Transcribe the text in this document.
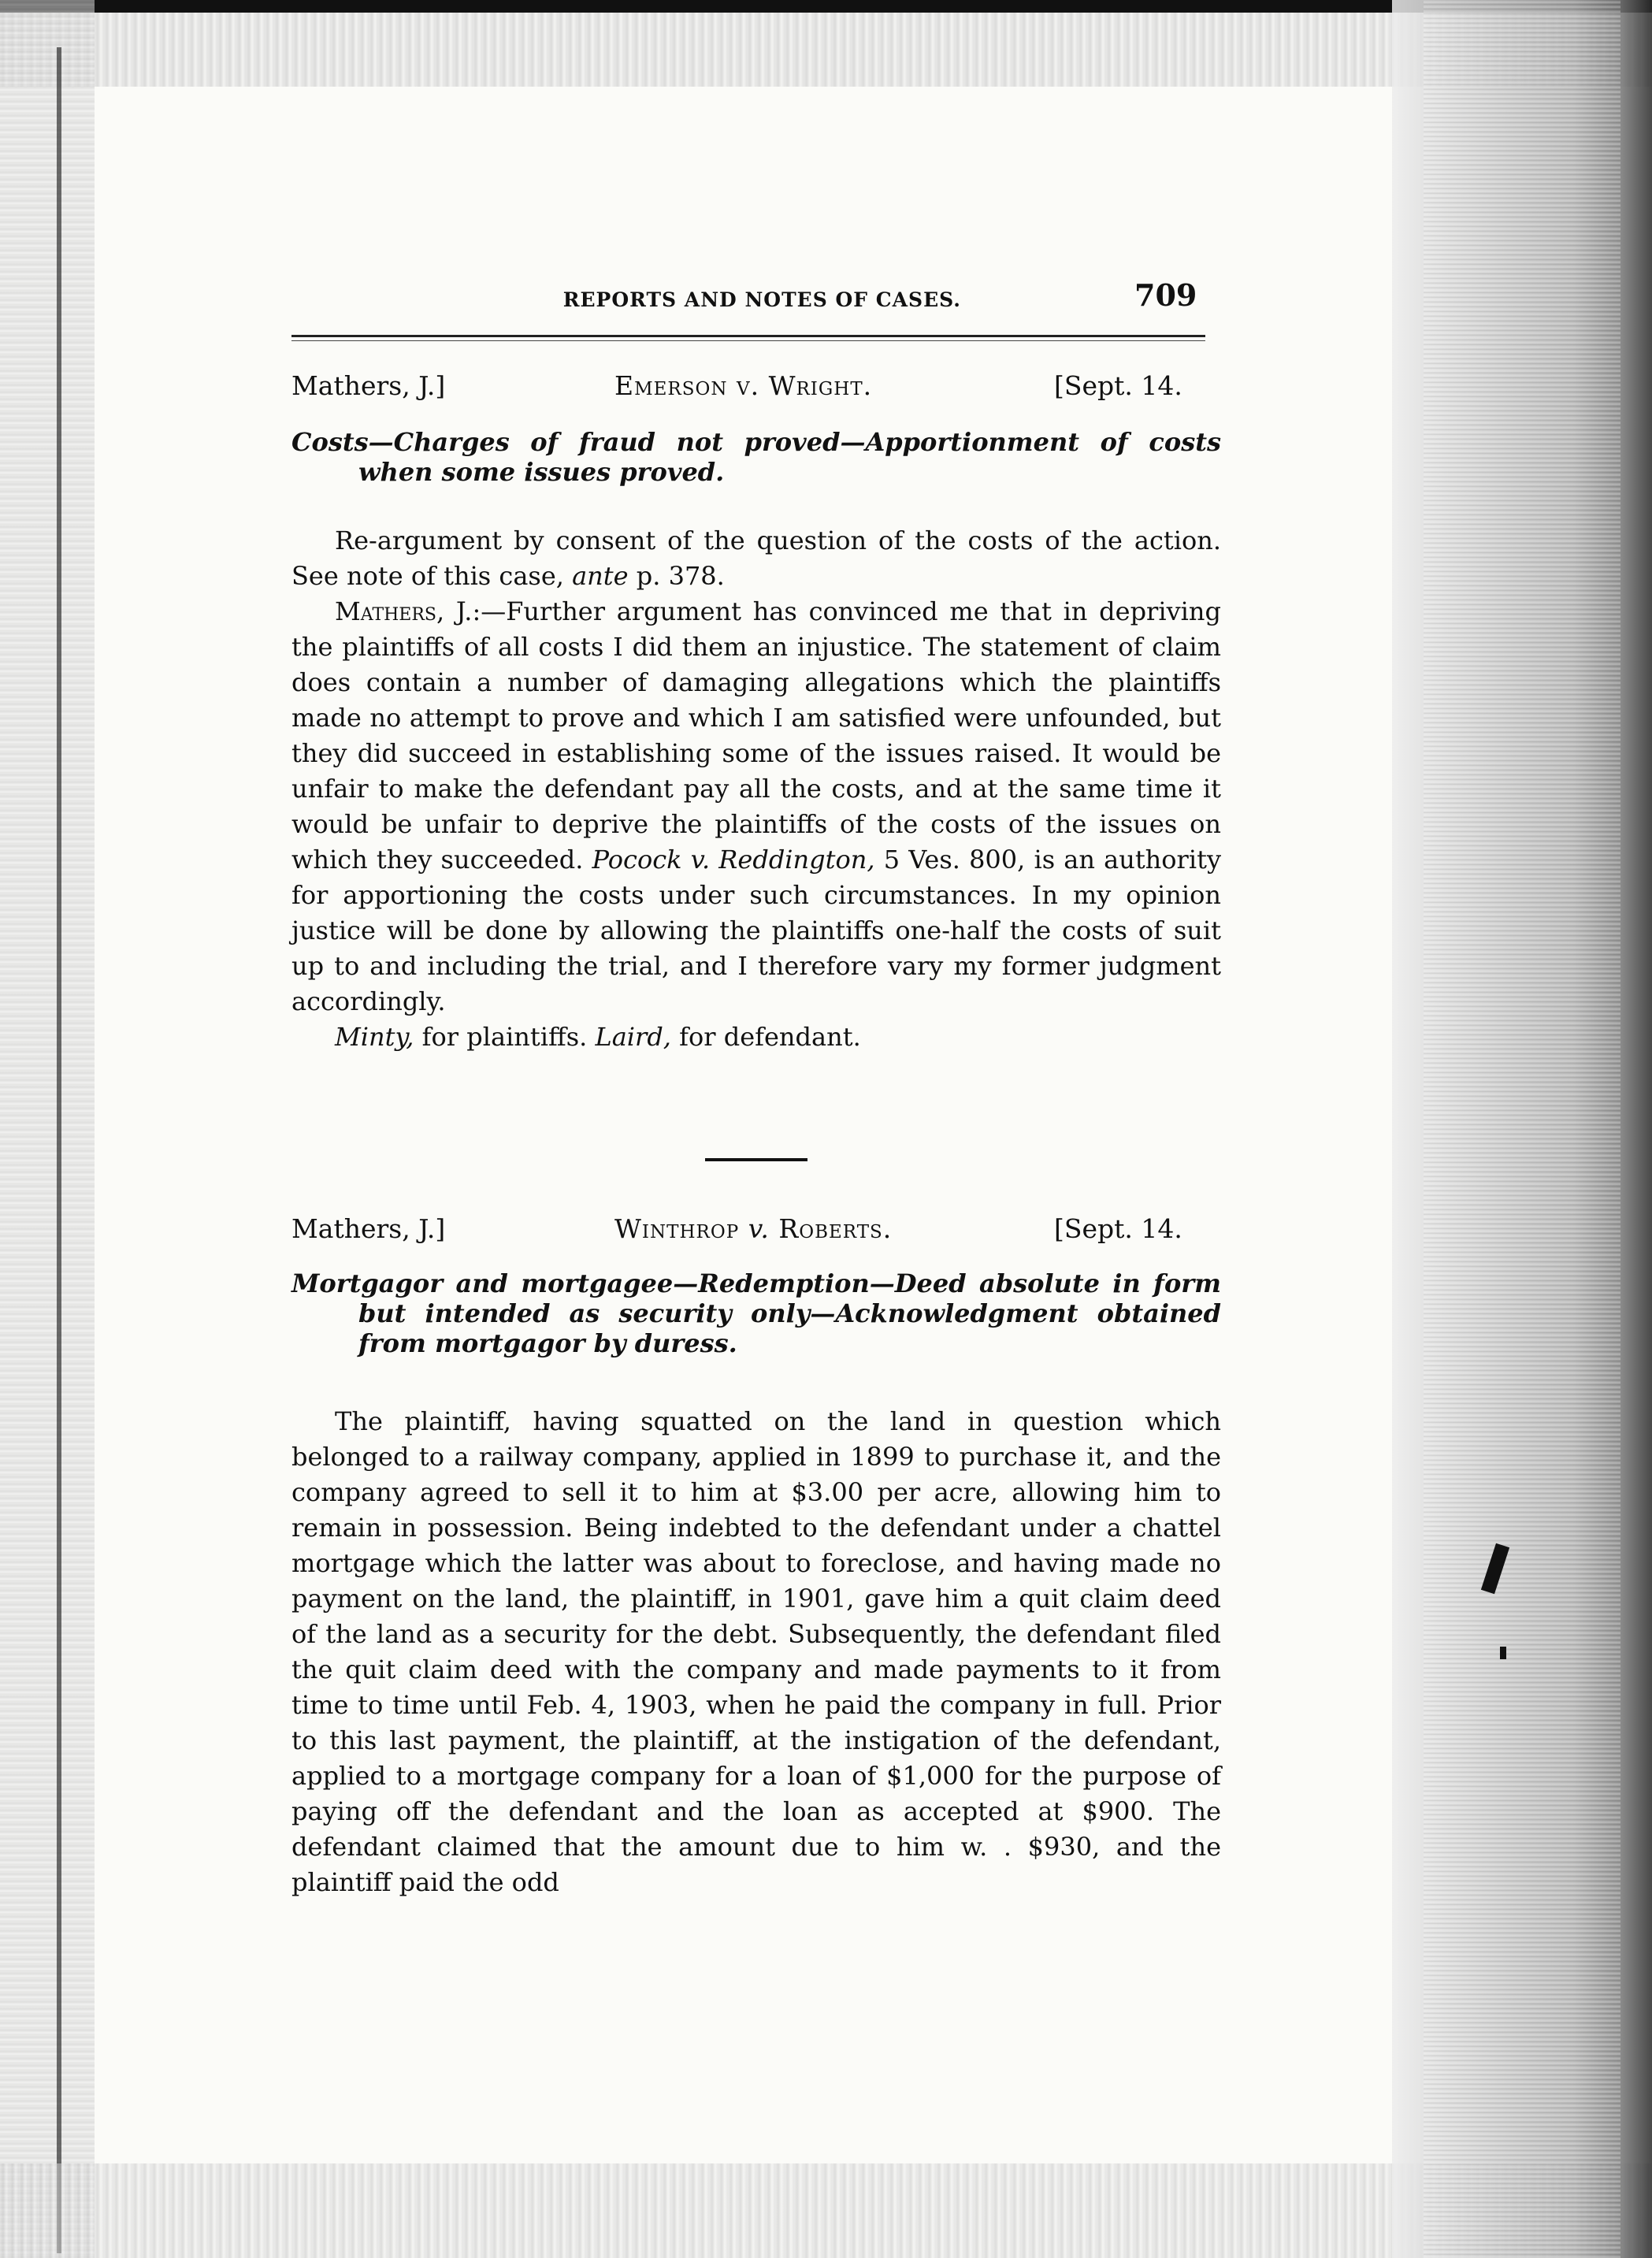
REPORTS AND NOTES OF CASES.	709
Mathers, J.]	Emerson v. Wright.	[Sept. 14.
Costs—Charges of fraud not proved—Apportionment of costs
when some issues proved.

Re-argument by consent of the question of the costs of the action. See note of this case, ante p. 378.

Mathers, J.:—Further argument has convinced me that in depriving the plaintiffs of all costs I did them an injustice. The statement of claim does contain a number of damaging allegations which the plaintiffs made no attempt to prove and which I am satisfied were unfounded, but they did succeed in establishing some of the issues raised. It would be unfair to make the defendant pay all the costs, and at the same time it would be unfair to deprive the plaintiffs of the costs of the issues on which they succeeded. Pocock v. Reddington, 5 Ves. 800, is an authority for apportioning the costs under such circumstances. In my opinion justice will be done by allowing the plaintiffs one-half the costs of suit up to and including the trial, and I therefore vary my former judgment accordingly.

Minty, for plaintiffs. Laird, for defendant.

Mathers, J.]	Winthrop v. Roberts.	[Sept. 14.
Mortgagor and mortgagee—Redemption—Deed absolute in form
but intended as security only—Acknowledgment obtained
from mortgagor by duress.

The plaintiff, having squatted on the land in question which belonged to a railway company, applied in 1899 to purchase it, and the company agreed to sell it to him at $3.00 per acre, allowing him to remain in possession. Being indebted to the defendant under a chattel mortgage which the latter was about to foreclose, and having made no payment on the land, the plaintiff, in 1901, gave him a quit claim deed of the land as a security for the debt. Subsequently, the defendant filed the quit claim deed with the company and made payments to it from time to time until Feb. 4, 1903, when he paid the company in full. Prior to this last payment, the plaintiff, at the instigation of the defendant, applied to a mortgage company for a loan of $1,000 for the purpose of paying off the defendant and the loan as accepted at $900. The defendant claimed that the amount due to him w. . $930, and the plaintiff paid the odd
